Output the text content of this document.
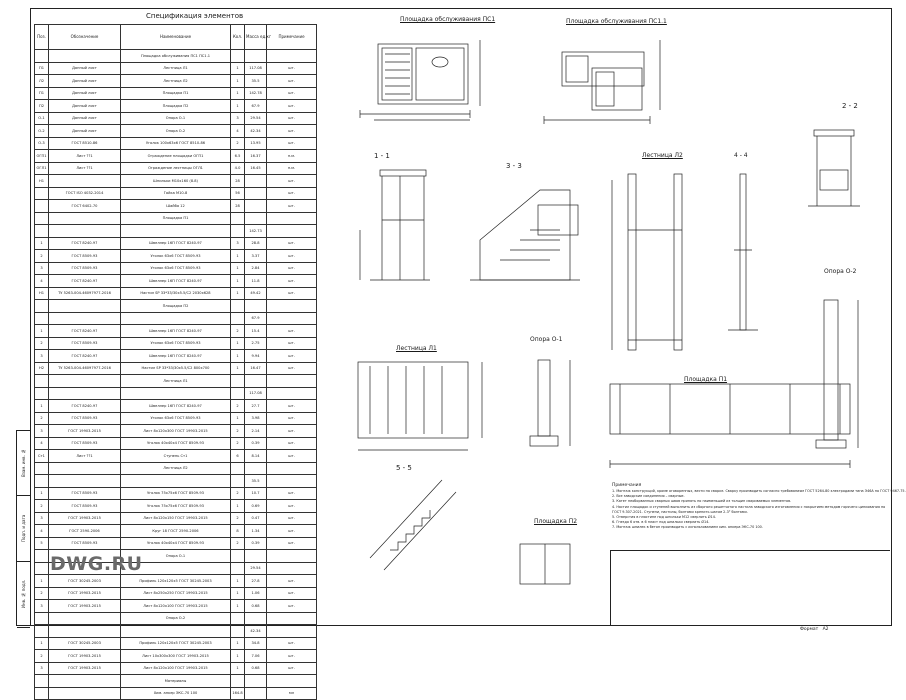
Взам. инв. №
Подп. и дата
Инв. № подл.
Спецификация элементов
Поз.	Обозначение	Наименование	Кол.	Масса ед.кг	Примечание
		Площадка обслуживания ПС1 ПС1.1			
П1	Данный лист	Лестница Л1	1	117.08	шт.
Л2	Данный лист	Лестница Л2	1	35.5	шт.
П1	Данный лист	Площадка П1	1	142.78	шт.
П2	Данный лист	Площадка П2	1	67.9	шт.
О-1	Данный лист	Опора О-1	3	29.54	шт.
О-2	Данный лист	Опора О-2	4	42.34	шт.
О-3	ГОСТ 8510-86	Уголок 100х63х6 ГОСТ 8510-86	2	13.95	шт.
ОГП1	Лист ??1	Ограждение площадки ОГП1	6.5	16.37	п.м.
ОГЛ1	Лист ??1	Ограждение лестницы ОГЛ1	4.0	16.45	п.м.
Н1		Шпильки М10х160 (8.8)	28		шт.
	ГОСТ ISO 4032-2014	Гайка М10-8	56		шт.
	ГОСТ 6402-70	Шайба 12	28		шт.
		Площадка П1			
				142.73	
1	ГОСТ 8240-97	Швеллер 16П ГОСТ 8240-97	3	28.8	шт.
2	ГОСТ 8509-93	Уголок 63х6 ГОСТ 8509-93	1	3.37	шт.
3	ГОСТ 8509-93	Уголок 63х6 ГОСТ 8509-93	1	2.84	шт.
4	ГОСТ 8240-97	Швеллер 16П ГОСТ 8240-97	1	11.8	шт.
Н1	ТУ 5263-004-46097977-2016	Настил SP 33*33/30х5.5/С2 2030х628	1	49.42	шт.
		Площадка П2			
				67.9	
1	ГОСТ 8240-97	Швеллер 16П ГОСТ 8240-97	2	15.4	шт.
2	ГОСТ 8509-93	Уголок 63х6 ГОСТ 8509-93	1	2.75	шт.
3	ГОСТ 8240-97	Швеллер 16П ГОСТ 8240-97	1	9.94	шт.
Н2	ТУ 5263-004-46097977-2016	Настил SP 33*33/30х5.5/С2 800х700	1	16.47	шт.
		Лестница Л1			
				117.08	
1	ГОСТ 8240-97	Швеллер 16П ГОСТ 8240-97	2	27.7	шт.
2	ГОСТ 8509-93	Уголок 63х6 ГОСТ 8509-93	1	3.98	шт.
3	ГОСТ 19903-2015	Лист 8х120х300 ГОСТ 19903-2015	2	2.14	шт.
4	ГОСТ 8509-93	Уголок 40х40х4 ГОСТ 8509-93	2	0.39	шт.
Ст1	Лист ??1	Ступень Ст1	6	8.14	шт.
		Лестница Л2			
				35.5	
1	ГОСТ 8509-93	Уголок 75х75х6 ГОСТ 8509-93	2	10.7	шт.
2	ГОСТ 8509-93	Уголок 75х75х6 ГОСТ 8509-93	1	0.69	шт.
3	ГОСТ 19903-2015	Лист 8х120х150 ГОСТ 19903-2015	2	0.47	шт.
4	ГОСТ 2590-2006	Круг 18 ГОСТ 2590-2006	8	1.34	шт.
5	ГОСТ 8509-93	Уголок 40х40х4 ГОСТ 8509-93	2	0.39	шт.
		Опора О-1			
				29.54	
1	ГОСТ 30245-2003	Профиль 120х120х5 ГОСТ 30245-2003	1	27.8	шт.
2	ГОСТ 19903-2015	Лист 8х250х250 ГОСТ 19903-2015	1	1.06	шт.
3	ГОСТ 19903-2015	Лист 8х120х100 ГОСТ 19903-2015	1	0.68	шт.
		Опора О-2			
				42.34	
1	ГОСТ 30245-2003	Профиль 120х120х5 ГОСТ 30245-2003	1	34.8	шт.
2	ГОСТ 19903-2015	Лист 10х300х300 ГОСТ 19903-2015	1	7.06	шт.
3	ГОСТ 19903-2015	Лист 8х120х100 ГОСТ 19903-2015	1	0.68	шт.
		Материалы			
		Хим. анкер ЭКС-70 100	164.8		мл
DWG.RU
Площадка обслуживания ПС1	Площадка обслуживания ПС1.1
2 - 2
1 - 1
3 - 3
Лестница Л2	4 - 4
Опора О-2
Лестница Л1
Опора О-1
Площадка П1
5 - 5
Площадка П2
Примечания
1. Монтаж конструкций, кроме оговоренных, вести на сварке. Сварку производить согласно требованиям ГОСТ 5264-80 электродами типа Э46А по ГОСТ 9467-75.
2. Все заводские соединения – сварные.
3. Катет необорванных сварных швов принять по наименьшей из толщин свариваемых элементов.
4. Настил площадок и ступеней выполнить из сборного решетчатого настила заводского изготовления с покрытием методом горячего цинкования по
ГОСТ 9.307-2021. Ступени, настилы, болтами крепить шагом 2-3° болтами.
5. Отверстия в пластине под шпильки М12 сверлить Ø14.
6. Гнездо 6 отв. в 6 пласт под шпильки сверлить Ø14.
7. Монтаж шпилек в бетон производить с использованием хим. анкера ЭКС-70 100.
Формат А2
